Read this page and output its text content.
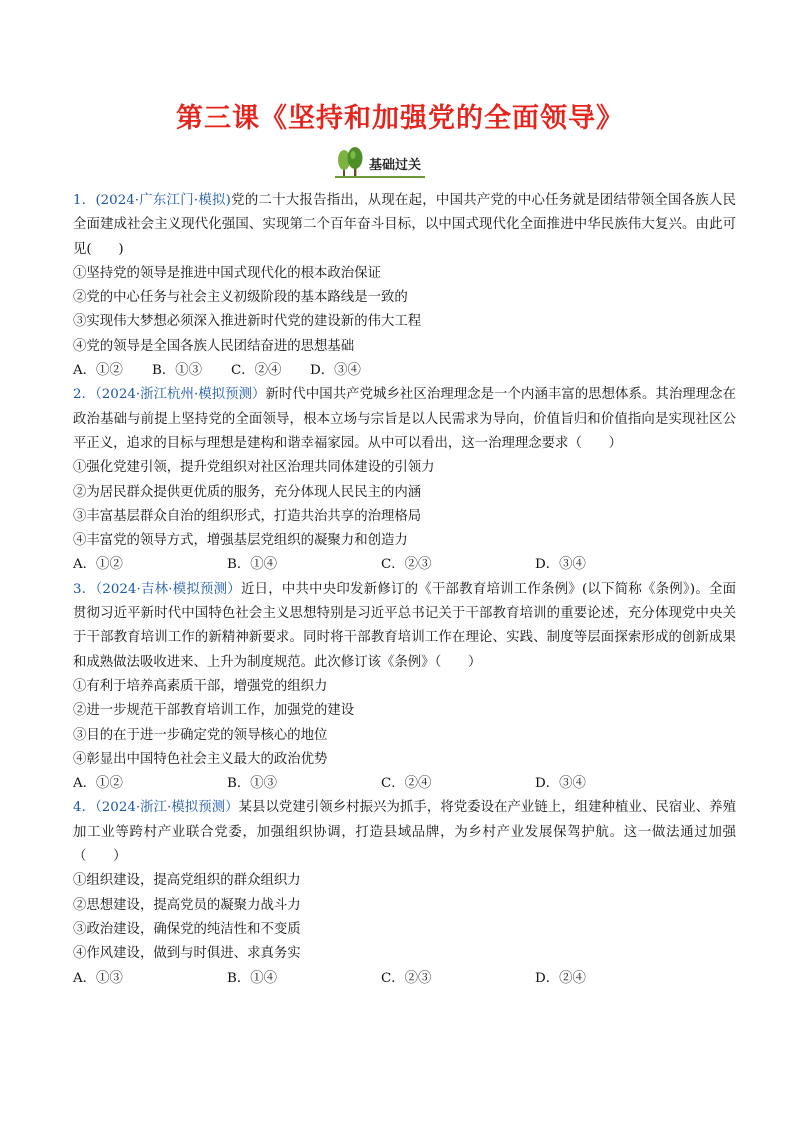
第三课《坚持和加强党的全面领导》
基础过关

1．(2024·广东江门·模拟)党的二十大报告指出，从现在起，中国共产党的中心任务就是团结带领全国各族人民全面建成社会主义现代化强国、实现第二个百年奋斗目标，以中国式现代化全面推进中华民族伟大复兴。由此可见(　　)

①坚持党的领导是推进中国式现代化的根本政治保证

②党的中心任务与社会主义初级阶段的基本路线是一致的

③实现伟大梦想必须深入推进新时代党的建设新的伟大工程

④党的领导是全国各族人民团结奋进的思想基础

A．①②	B．①③	C．②④	D．③④

2．（2024·浙江杭州·模拟预测）新时代中国共产党城乡社区治理理念是一个内涵丰富的思想体系。其治理理念在政治基础与前提上坚持党的全面领导，根本立场与宗旨是以人民需求为导向，价值旨归和价值指向是实现社区公平正义，追求的目标与理想是建构和谐幸福家园。从中可以看出，这一治理理念要求（　　）

①强化党建引领，提升党组织对社区治理共同体建设的引领力

②为居民群众提供更优质的服务，充分体现人民民主的内涵

③丰富基层群众自治的组织形式，打造共治共享的治理格局

④丰富党的领导方式，增强基层党组织的凝聚力和创造力

A．①②	B．①④	C．②③	D．③④

3．（2024·吉林·模拟预测）近日，中共中央印发新修订的《干部教育培训工作条例》(以下简称《条例》)。全面贯彻习近平新时代中国特色社会主义思想特别是习近平总书记关于干部教育培训的重要论述，充分体现党中央关于干部教育培训工作的新精神新要求。同时将干部教育培训工作在理论、实践、制度等层面探索形成的创新成果和成熟做法吸收进来、上升为制度规范。此次修订该《条例》（　　）

①有利于培养高素质干部，增强党的组织力

②进一步规范干部教育培训工作，加强党的建设

③目的在于进一步确定党的领导核心的地位

④彰显出中国特色社会主义最大的政治优势

A．①②	B．①③	C．②④	D．③④

4．（2024·浙江·模拟预测）某县以党建引领乡村振兴为抓手，将党委设在产业链上，组建种植业、民宿业、养殖加工业等跨村产业联合党委，加强组织协调，打造县域品牌，为乡村产业发展保驾护航。这一做法通过加强（　　）

①组织建设，提高党组织的群众组织力

②思想建设，提高党员的凝聚力战斗力

③政治建设，确保党的纯洁性和不变质

④作风建设，做到与时俱进、求真务实

A．①③	B．①④	C．②③	D．②④
